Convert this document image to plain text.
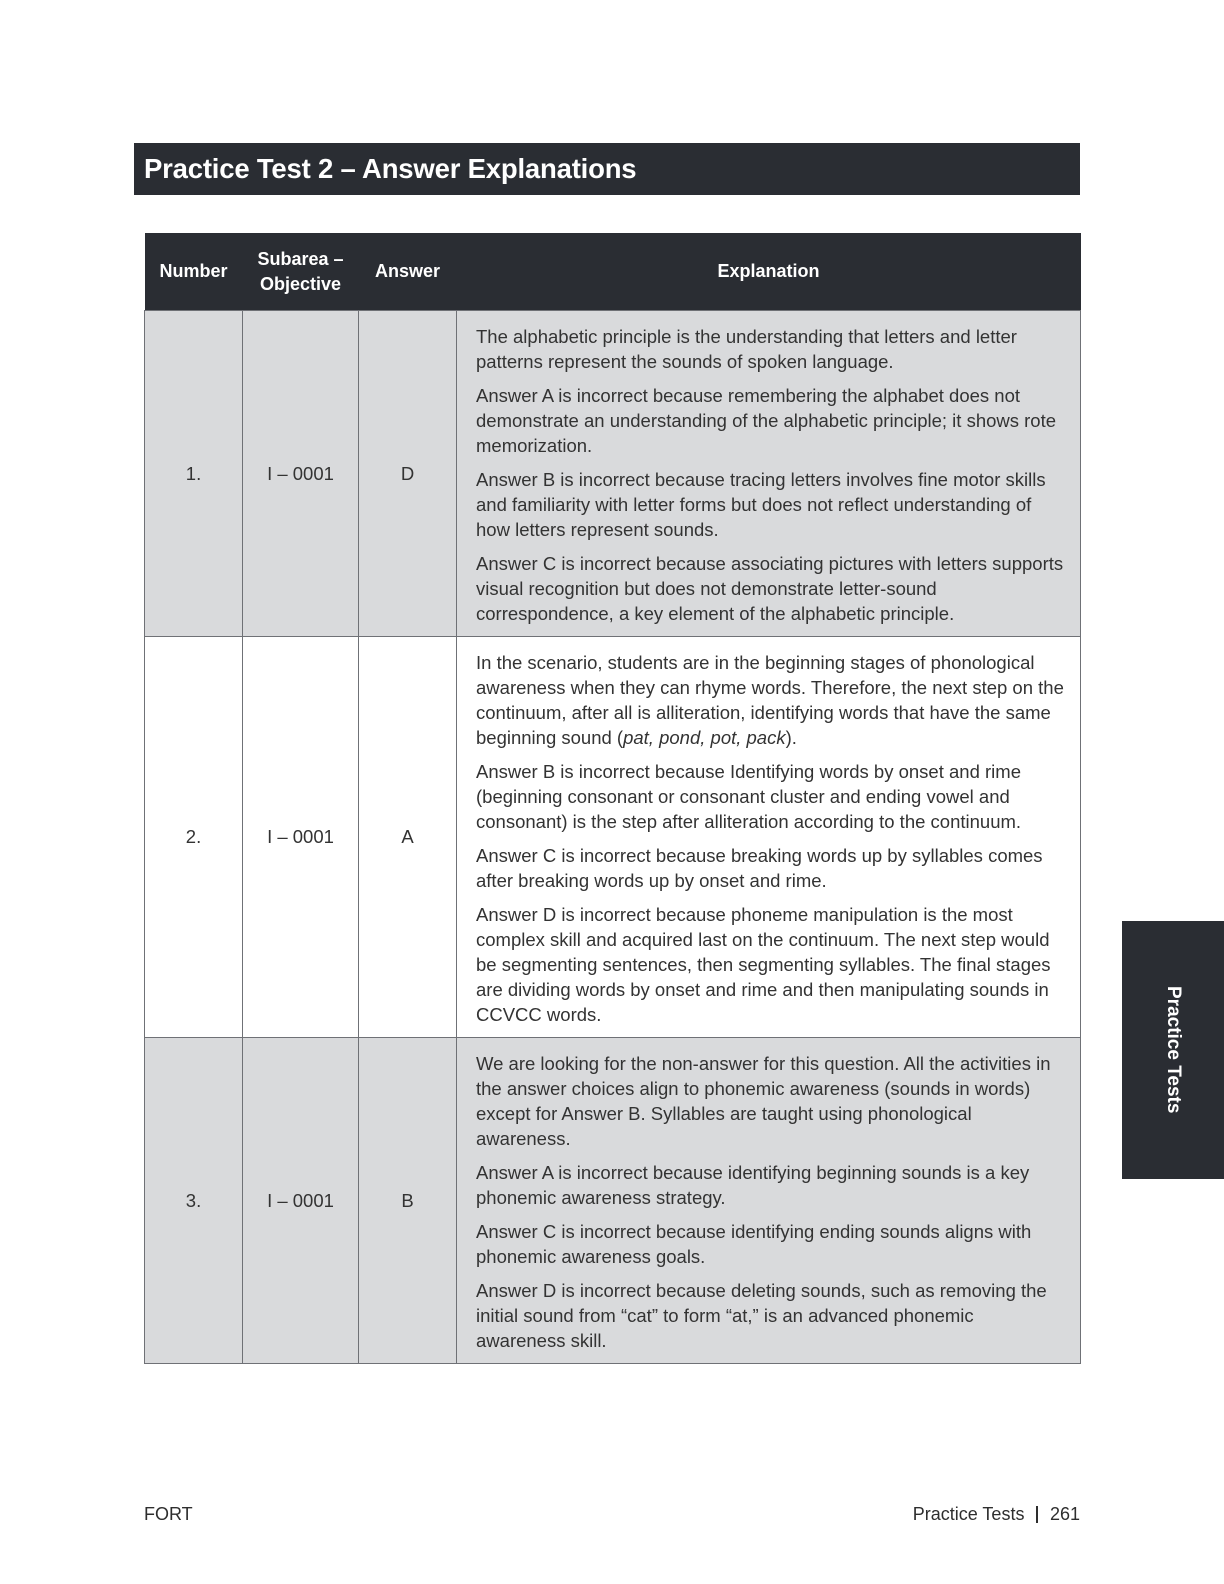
Practice Test 2 – Answer Explanations
Number	Subarea –
Objective	Answer	Explanation
1.	I – 0001	D	The alphabetic principle is the understanding that letters and letter patterns represent the sounds of spoken language.

Answer A is incorrect because remembering the alphabet does not demonstrate an understanding of the alphabetic principle; it shows rote memorization.

Answer B is incorrect because tracing letters involves fine motor skills and familiarity with letter forms but does not reflect understanding of how letters represent sounds.

Answer C is incorrect because associating pictures with letters supports visual recognition but does not demonstrate letter-sound correspondence, a key element of the alphabetic principle.

2.	I – 0001	A	In the scenario, students are in the beginning stages of phonological awareness when they can rhyme words. Therefore, the next step on the continuum, after all is alliteration, identifying words that have the same beginning sound (pat, pond, pot, pack).

Answer B is incorrect because Identifying words by onset and rime (beginning consonant or consonant cluster and ending vowel and consonant) is the step after alliteration according to the continuum.

Answer C is incorrect because breaking words up by syllables comes after breaking words up by onset and rime.

Answer D is incorrect because phoneme manipulation is the most complex skill and acquired last on the continuum. The next step would be segmenting sentences, then segmenting syllables. The final stages are dividing words by onset and rime and then manipulating sounds in CCVCC words.

3.	I – 0001	B	We are looking for the non-answer for this question. All the activities in the answer choices align to phonemic awareness (sounds in words) except for Answer B. Syllables are taught using phonological awareness.

Answer A is incorrect because identifying beginning sounds is a key phonemic awareness strategy.

Answer C is incorrect because identifying ending sounds aligns with phonemic awareness goals.

Answer D is incorrect because deleting sounds, such as removing the initial sound from “cat” to form “at,” is an advanced phonemic awareness skill.

Practice Tests
FORT	Practice Tests 261
